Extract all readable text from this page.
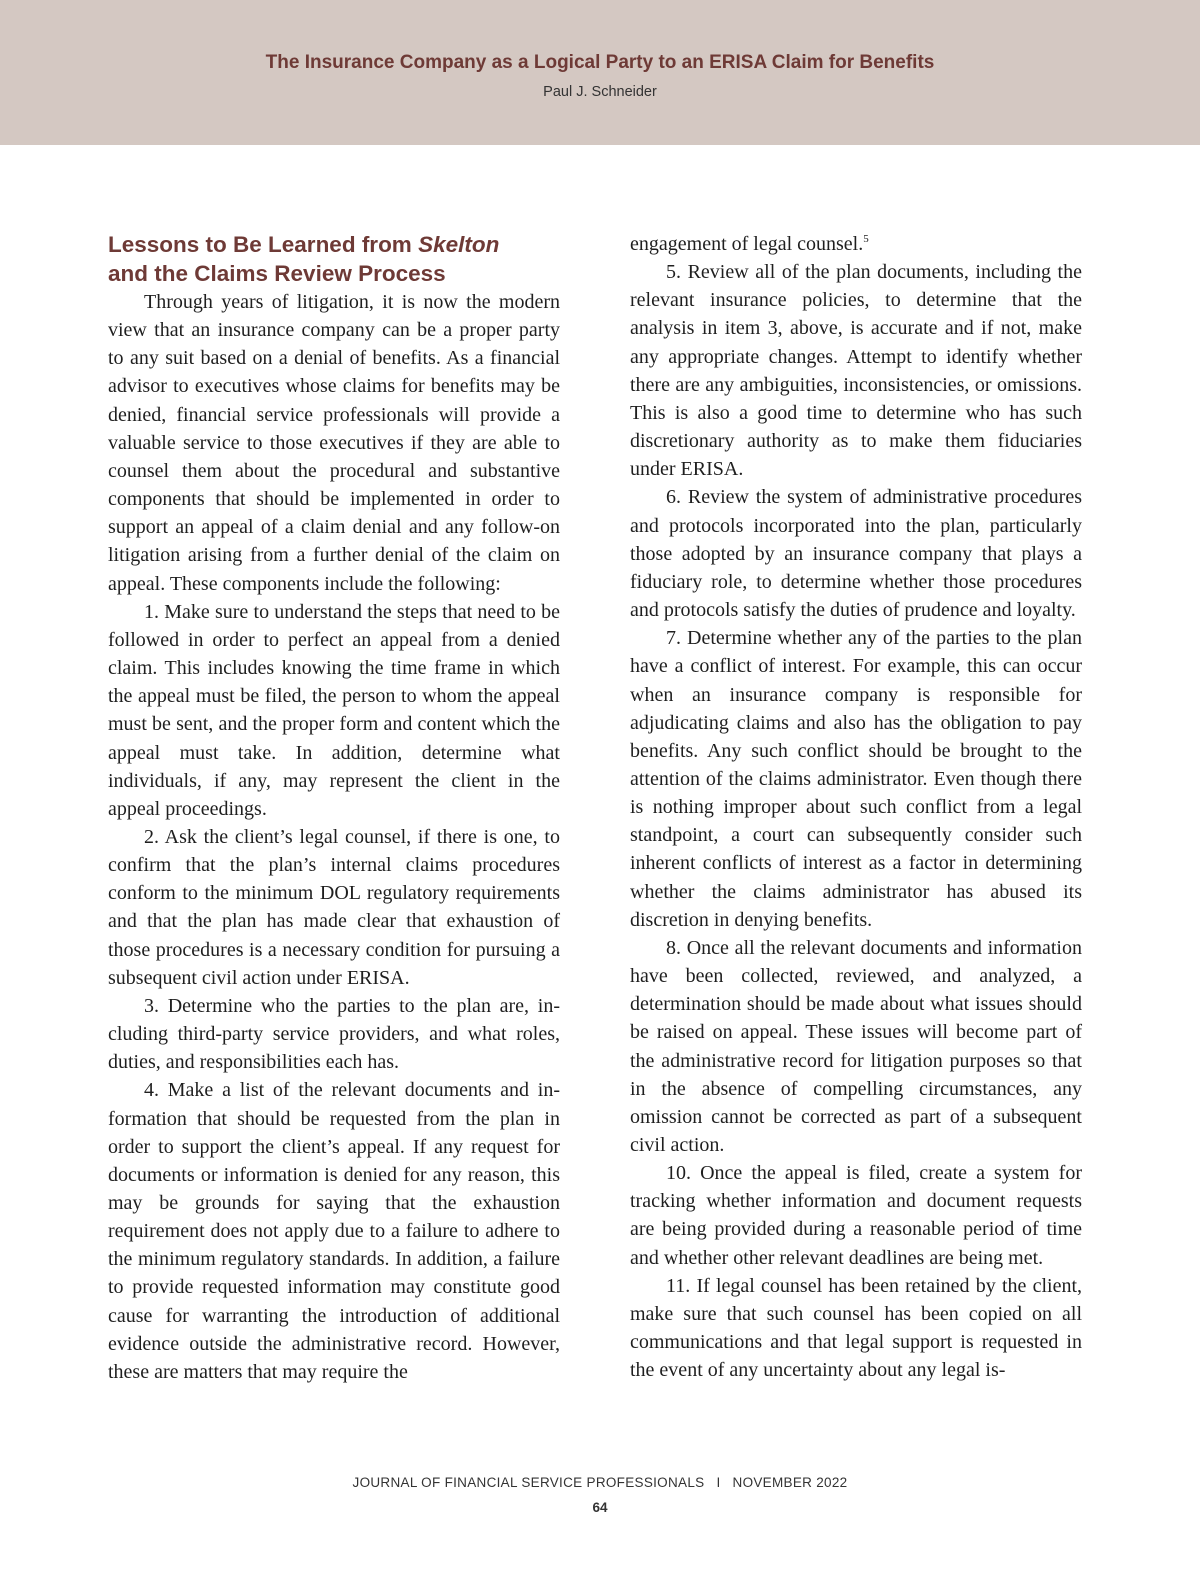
The Insurance Company as a Logical Party to an ERISA Claim for Benefits
Paul J. Schneider
Lessons to Be Learned from Skelton
and the Claims Review Process

Through years of litigation, it is now the modern view that an insurance company can be a proper party to any suit based on a denial of benefits. As a financial advisor to executives whose claims for benefits may be denied, financial service professionals will provide a valuable service to those executives if they are able to counsel them about the procedural and substantive components that should be implemented in order to support an appeal of a claim denial and any follow-on litigation arising from a further denial of the claim on appeal. These components include the following:

1. Make sure to understand the steps that need to be followed in order to perfect an appeal from a denied claim. This includes knowing the time frame in which the appeal must be filed, the person to whom the appeal must be sent, and the proper form and content which the appeal must take. In addition, determine what individuals, if any, may represent the client in the appeal proceedings.

2. Ask the client’s legal counsel, if there is one, to confirm that the plan’s internal claims procedures conform to the minimum DOL regulatory requirements and that the plan has made clear that exhaustion of those procedures is a necessary condition for pursuing a subsequent civil action under ERISA.

3. Determine who the parties to the plan are, including third-party service providers, and what roles, duties, and responsibilities each has.

4. Make a list of the relevant documents and information that should be requested from the plan in order to support the client’s appeal. If any request for documents or information is denied for any reason, this may be grounds for saying that the exhaustion requirement does not apply due to a failure to adhere to the minimum regulatory standards. In addition, a failure to provide requested information may constitute good cause for warranting the introduction of additional evidence outside the administrative record. However, these are matters that may require the

engagement of legal counsel.$^5$

5. Review all of the plan documents, including the relevant insurance policies, to determine that the analysis in item 3, above, is accurate and if not, make any appropriate changes. Attempt to identify whether there are any ambiguities, inconsistencies, or omissions. This is also a good time to determine who has such discretionary authority as to make them fiduciaries under ERISA.

6. Review the system of administrative procedures and protocols incorporated into the plan, particularly those adopted by an insurance company that plays a fiduciary role, to determine whether those procedures and protocols satisfy the duties of prudence and loyalty.

7. Determine whether any of the parties to the plan have a conflict of interest. For example, this can occur when an insurance company is responsible for adjudicating claims and also has the obligation to pay benefits. Any such conflict should be brought to the attention of the claims administrator. Even though there is nothing improper about such conflict from a legal standpoint, a court can subsequently consider such inherent conflicts of interest as a factor in determining whether the claims administrator has abused its discretion in denying benefits.

8. Once all the relevant documents and information have been collected, reviewed, and analyzed, a determination should be made about what issues should be raised on appeal. These issues will become part of the administrative record for litigation purposes so that in the absence of compelling circumstances, any omission cannot be corrected as part of a subsequent civil action.

10. Once the appeal is filed, create a system for tracking whether information and document requests are being provided during a reasonable period of time and whether other relevant deadlines are being met.

11. If legal counsel has been retained by the client, make sure that such counsel has been copied on all communications and that legal support is requested in the event of any uncertainty about any legal is-

JOURNAL OF FINANCIAL SERVICE PROFESSIONALS I NOVEMBER 2022
64
